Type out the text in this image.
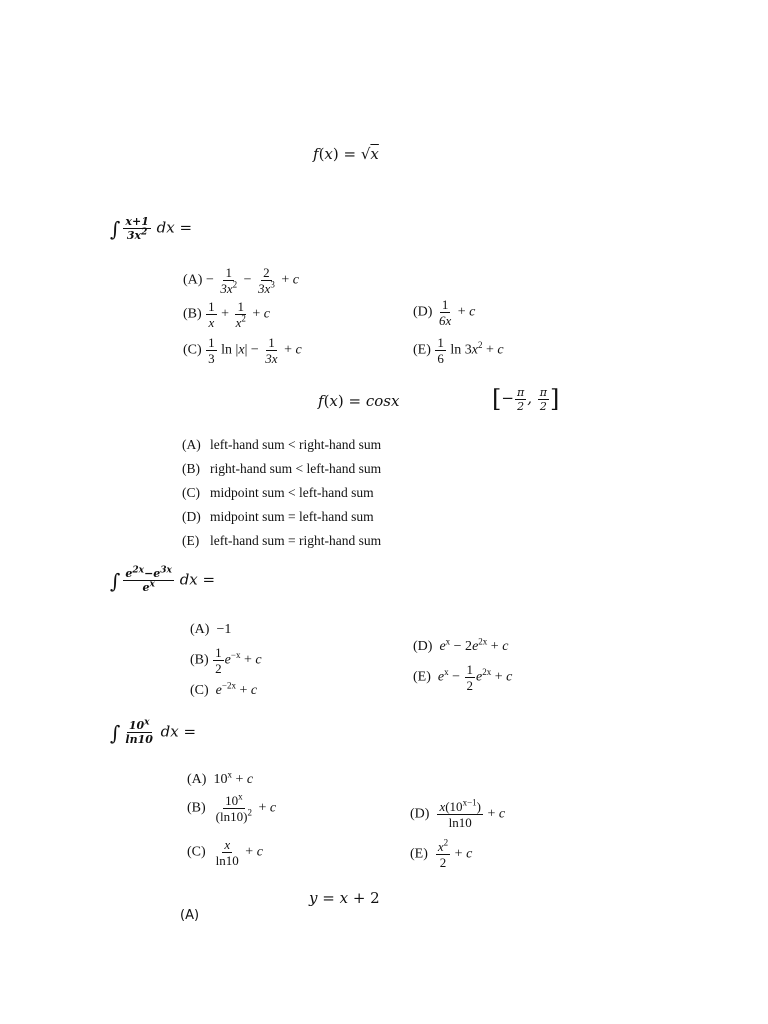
f(x) = √x
∫ $\frac{x+1}{3x^2}$ dx =
$(A) - \frac{1}{3x^2} - \frac{2}{3x^3} + c$
$(B) \frac{1}{x} + \frac{1}{x^2} + c$
$(C) \frac{1}{3}$ $\ln |x| - \frac{1}{3x} + c$
$(D) \frac{1}{6x} + c$
$(E) \frac{1}{6}$ $\ln 3x^2 + c$
f(x) = cosx	[− $\frac{\pi}{2}$ , $\frac{\pi}{2}$ ]
(A) left-hand sum < right-hand sum
(B) right-hand sum < left-hand sum
(C) midpoint sum < left-hand sum
(D) midpoint sum = left-hand sum
(E) left-hand sum = right-hand sum
∫ $\frac{e^{2x}-e^{3x}}{e^x}$ dx =
(A)  −1
$(B) \frac{1}{2} e^{-x} + c$
(C) $e^{-2x} + c$
(D) $e^x - 2e^{2x} + c$
(E) $e^x - \frac{1}{2} e^{2x} + c$
∫ $\frac{10^x}{\ln 10}$ dx =
(A)  $10^x + c$
$(B) \frac{10^x}{(\ln 10)^2} + c$
$(C) \frac{x}{\ln 10} + c$
$(D) \frac{x(10^{x-1})}{\ln 10} + c$
$(E) \frac{x^2}{2} + c$
y = x + 2
(A)
